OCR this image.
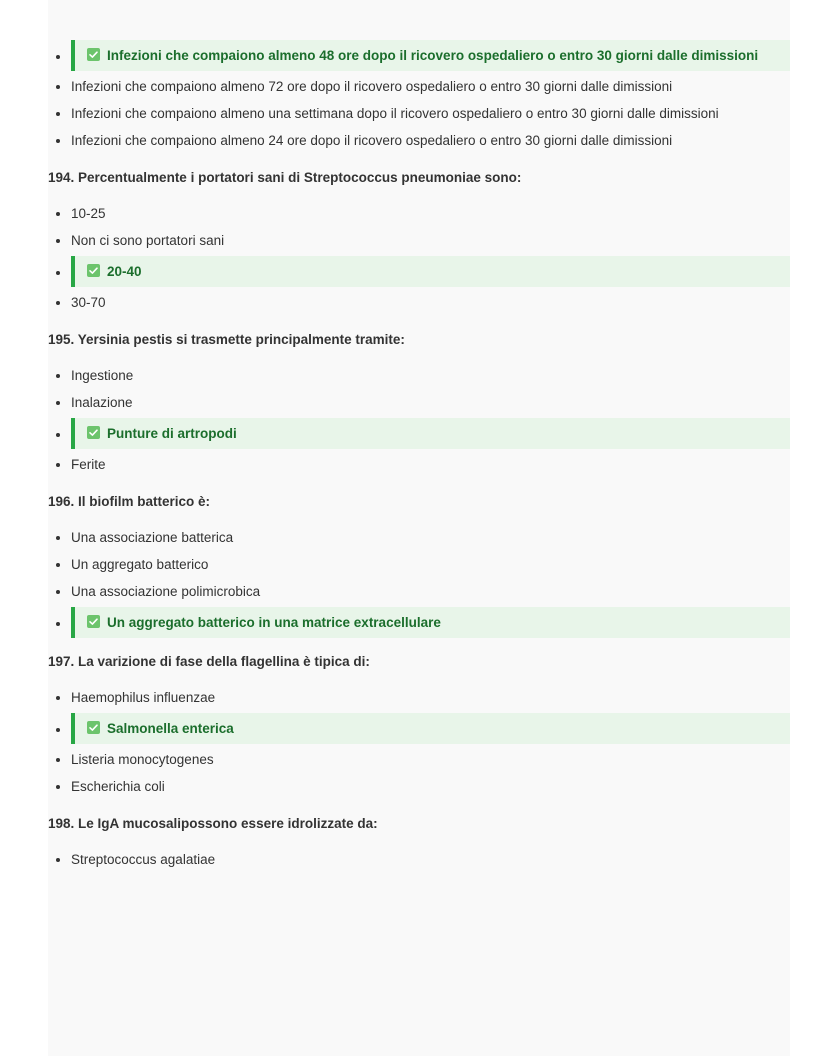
Infezioni che compaiono almeno 48 ore dopo il ricovero ospedaliero o entro 30 giorni dalle dimissioni
Infezioni che compaiono almeno 72 ore dopo il ricovero ospedaliero o entro 30 giorni dalle dimissioni
Infezioni che compaiono almeno una settimana dopo il ricovero ospedaliero o entro 30 giorni dalle dimissioni
Infezioni che compaiono almeno 24 ore dopo il ricovero ospedaliero o entro 30 giorni dalle dimissioni
194. Percentualmente i portatori sani di Streptococcus pneumoniae sono:
10-25
Non ci sono portatori sani
20-40
30-70
195. Yersinia pestis si trasmette principalmente tramite:
Ingestione
Inalazione
Punture di artropodi
Ferite
196. Il biofilm batterico è:
Una associazione batterica
Un aggregato batterico
Una associazione polimicrobica
Un aggregato batterico in una matrice extracellulare
197. La varizione di fase della flagellina è tipica di:
Haemophilus influenzae
Salmonella enterica
Listeria monocytogenes
Escherichia coli
198. Le IgA mucosalipossono essere idrolizzate da:
Streptococcus agalatiae
